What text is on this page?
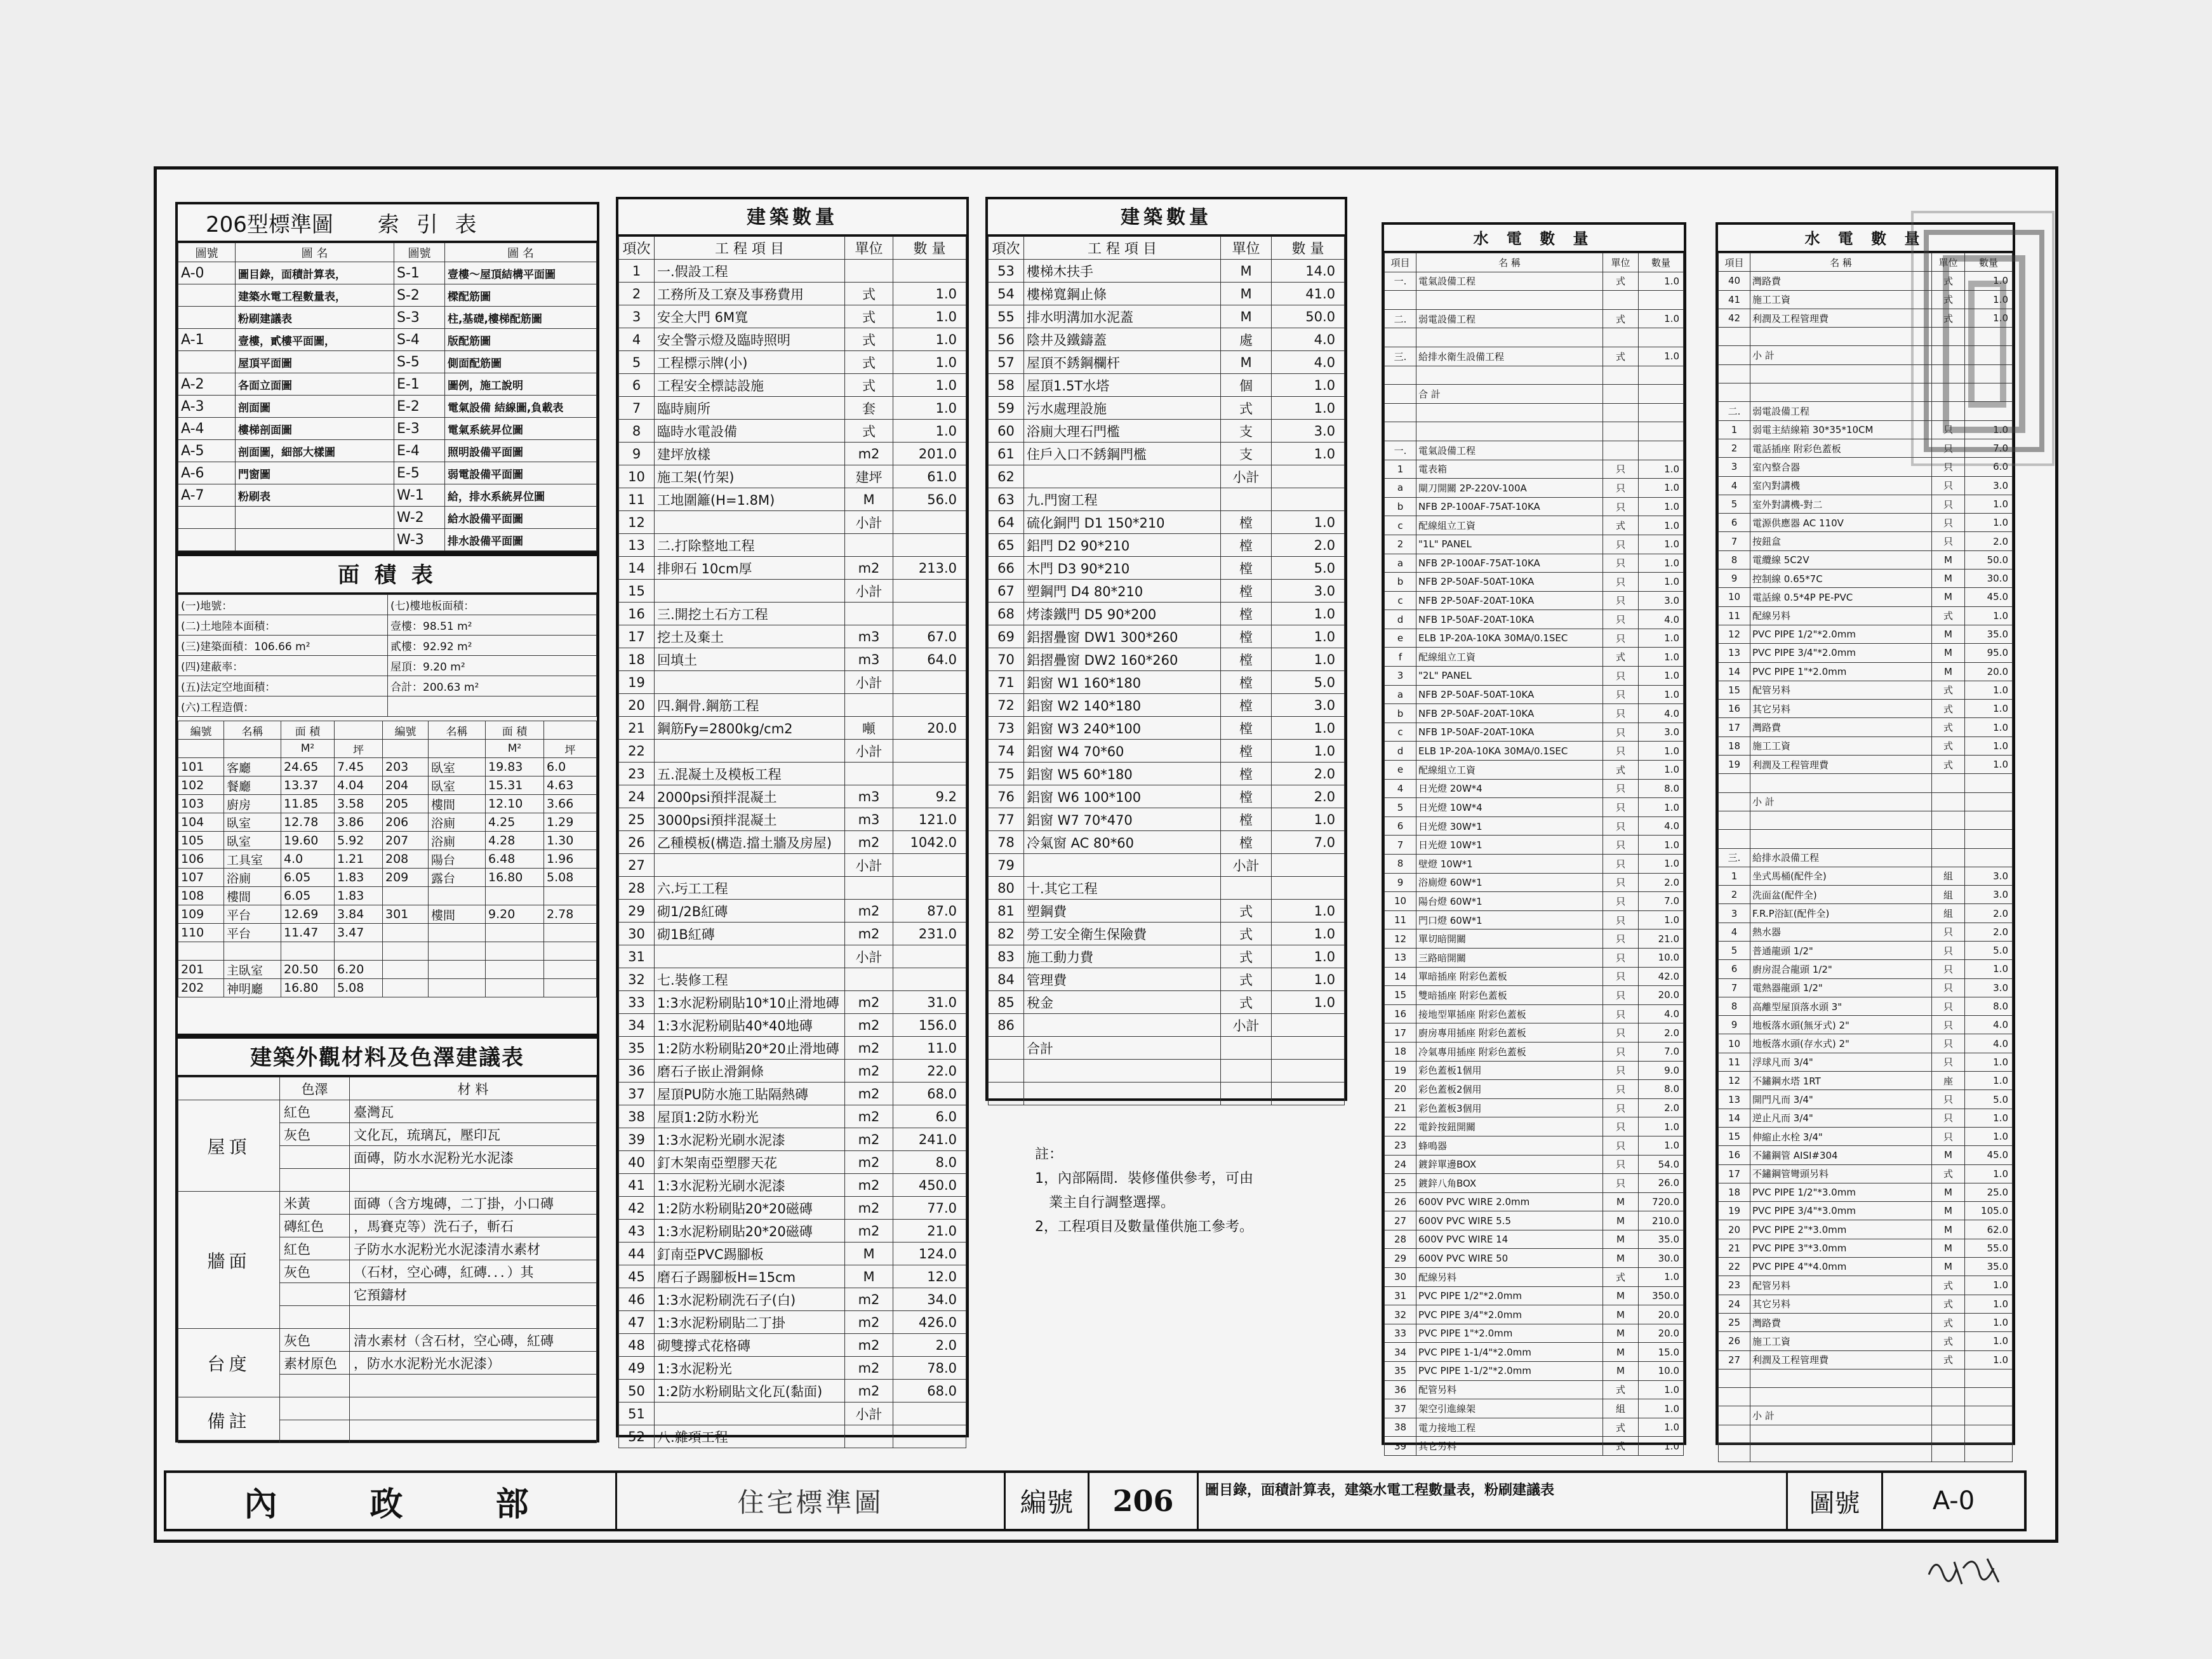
206型標準圖 索 引 表
圖號	圖 名	圖號	圖 名
A-0	圖目錄，面積計算表，	S-1	壹樓～屋頂結構平面圖
	建築水電工程數量表，	S-2	樑配筋圖
	粉刷建議表	S-3	柱,基礎,樓梯配筋圖
A-1	壹樓，貳樓平面圖，	S-4	版配筋圖
	屋頂平面圖	S-5	側面配筋圖
A-2	各面立面圖	E-1	圖例，施工說明
A-3	剖面圖	E-2	電氣設備 結線圖,負載表
A-4	樓梯剖面圖	E-3	電氣系統昇位圖
A-5	剖面圖，細部大樣圖	E-4	照明設備平面圖
A-6	門窗圖	E-5	弱電設備平面圖
A-7	粉刷表	W-1	給，排水系統昇位圖
		W-2	給水設備平面圖
		W-3	排水設備平面圖
面 積 表
(一)地號：	(七)樓地板面積：
(二)土地陸本面積：	壹樓：98.51 m²
(三)建築面積：106.66 m²	貳樓：92.92 m²
(四)建蔽率：	屋頂：9.20 m²
(五)法定空地面積：	合計：200.63 m²
(六)工程造價：	
編號	名稱	面 積		編號	名稱	面 積	
		M²	坪			M²	坪
101	客廳	24.65	7.45	203	臥室	19.83	6.0
102	餐廳	13.37	4.04	204	臥室	15.31	4.63
103	廚房	11.85	3.58	205	樓間	12.10	3.66
104	臥室	12.78	3.86	206	浴廁	4.25	1.29
105	臥室	19.60	5.92	207	浴廁	4.28	1.30
106	工具室	4.0	1.21	208	陽台	6.48	1.96
107	浴廁	6.05	1.83	209	露台	16.80	5.08
108	樓間	6.05	1.83				
109	平台	12.69	3.84	301	樓間	9.20	2.78
110	平台	11.47	3.47				

201	主臥室	20.50	6.20				
202	神明廳	16.80	5.08				
建築外觀材料及色澤建議表
	色澤	材 料
屋頂	紅色	臺灣瓦
	灰色	文化瓦，琉璃瓦，壓印瓦
		面磚，防水水泥粉光水泥漆

牆面	米黃	面磚（含方塊磚，二丁掛，小口磚
	磚紅色	，馬賽克等）洗石子，斬石
	紅色	子防水水泥粉光水泥漆清水素材
	灰色	（石材，空心磚，紅磚．．．）其
		它預鑄材

台度	灰色	清水素材（含石材，空心磚，紅磚
	素材原色	，防水水泥粉光水泥漆）

備註		

建築數量
項次	工 程 項 目	單位	數 量
1	一.假設工程		
2	工務所及工寮及事務費用	式	1.0
3	安全大門 6M寬	式	1.0
4	安全警示燈及臨時照明	式	1.0
5	工程標示牌(小)	式	1.0
6	工程安全標誌設施	式	1.0
7	臨時廁所	套	1.0
8	臨時水電設備	式	1.0
9	建坪放樣	m2	201.0
10	施工架(竹架)	建坪	61.0
11	工地圍籬(H=1.8M)	M	56.0
12		小計	
13	二.打除整地工程		
14	排卵石 10cm厚	m2	213.0
15		小計	
16	三.開挖土石方工程		
17	挖土及棄土	m3	67.0
18	回填土	m3	64.0
19		小計	
20	四.鋼骨.鋼筋工程		
21	鋼筋Fy=2800kg/cm2	噸	20.0
22		小計	
23	五.混凝土及模板工程		
24	2000psi預拌混凝土	m3	9.2
25	3000psi預拌混凝土	m3	121.0
26	乙種模板(構造.擋土牆及房屋)	m2	1042.0
27		小計	
28	六.圬工工程		
29	砌1/2B紅磚	m2	87.0
30	砌1B紅磚	m2	231.0
31		小計	
32	七.裝修工程		
33	1:3水泥粉刷貼10*10止滑地磚	m2	31.0
34	1:3水泥粉刷貼40*40地磚	m2	156.0
35	1:2防水粉刷貼20*20止滑地磚	m2	11.0
36	磨石子嵌止滑銅條	m2	22.0
37	屋頂PU防水施工貼隔熱磚	m2	68.0
38	屋頂1:2防水粉光	m2	6.0
39	1:3水泥粉光刷水泥漆	m2	241.0
40	釘木架南亞塑膠天花	m2	8.0
41	1:3水泥粉光刷水泥漆	m2	450.0
42	1:2防水粉刷貼20*20磁磚	m2	77.0
43	1:3水泥粉刷貼20*20磁磚	m2	21.0
44	釘南亞PVC踢腳板	M	124.0
45	磨石子踢腳板H=15cm	M	12.0
46	1:3水泥粉刷洗石子(白)	m2	34.0
47	1:3水泥粉刷貼二丁掛	m2	426.0
48	砌雙撐式花格磚	m2	2.0
49	1:3水泥粉光	m2	78.0
50	1:2防水粉刷貼文化瓦(黏面)	m2	68.0
51		小計	
52	八.雜項工程		
建築數量
項次	工 程 項 目	單位	數 量
53	樓梯木扶手	M	14.0
54	樓梯寬鋼止條	M	41.0
55	排水明溝加水泥蓋	M	50.0
56	陰井及鐵鑄蓋	處	4.0
57	屋頂不銹鋼欄杆	M	4.0
58	屋頂1.5T水塔	個	1.0
59	污水處理設施	式	1.0
60	浴廁大理石門檻	支	3.0
61	住戶入口不銹鋼門檻	支	1.0
62		小計	
63	九.門窗工程		
64	硫化銅門 D1 150*210	樘	1.0
65	鋁門 D2 90*210	樘	2.0
66	木門 D3 90*210	樘	5.0
67	塑鋼門 D4 80*210	樘	3.0
68	烤漆鐵門 D5 90*200	樘	1.0
69	鋁摺疊窗 DW1 300*260	樘	1.0
70	鋁摺疊窗 DW2 160*260	樘	1.0
71	鋁窗 W1 160*180	樘	5.0
72	鋁窗 W2 140*180	樘	3.0
73	鋁窗 W3 240*100	樘	1.0
74	鋁窗 W4 70*60	樘	1.0
75	鋁窗 W5 60*180	樘	2.0
76	鋁窗 W6 100*100	樘	2.0
77	鋁窗 W7 70*470	樘	1.0
78	冷氣窗 AC 80*60	樘	7.0
79		小計	
80	十.其它工程		
81	塑鋼費	式	1.0
82	勞工安全衛生保險費	式	1.0
83	施工動力費	式	1.0
84	管理費	式	1.0
85	稅金	式	1.0
86		小計	
	合計		

註：
1，內部隔間．裝修僅供參考，可由
　業主自行調整選擇。
2，工程項目及數量僅供施工參考。
水 電 數 量
項目	名 稱	單位	數量
一.	電氣設備工程	式	1.0

二.	弱電設備工程	式	1.0

三.	給排水衛生設備工程	式	1.0

	合 計		

一.	電氣設備工程		
1	電表箱	只	1.0
a	閘刀開關 2P-220V-100A	只	1.0
b	NFB 2P-100AF-75AT-10KA	只	1.0
c	配線組立工資	式	1.0
2	"1L" PANEL	只	1.0
a	NFB 2P-100AF-75AT-10KA	只	1.0
b	NFB 2P-50AF-50AT-10KA	只	1.0
c	NFB 2P-50AF-20AT-10KA	只	3.0
d	NFB 1P-50AF-20AT-10KA	只	4.0
e	ELB 1P-20A-10KA 30MA/0.1SEC	只	1.0
f	配線組立工資	式	1.0
3	"2L" PANEL	只	1.0
a	NFB 2P-50AF-50AT-10KA	只	1.0
b	NFB 2P-50AF-20AT-10KA	只	4.0
c	NFB 1P-50AF-20AT-10KA	只	3.0
d	ELB 1P-20A-10KA 30MA/0.1SEC	只	1.0
e	配線組立工資	式	1.0
4	日光燈 20W*4	只	8.0
5	日光燈 10W*4	只	1.0
6	日光燈 30W*1	只	4.0
7	日光燈 10W*1	只	1.0
8	壁燈 10W*1	只	1.0
9	浴廁燈 60W*1	只	2.0
10	陽台燈 60W*1	只	7.0
11	門口燈 60W*1	只	1.0
12	單切暗開關	只	21.0
13	三路暗開關	只	10.0
14	單暗插座 附彩色蓋板	只	42.0
15	雙暗插座 附彩色蓋板	只	20.0
16	接地型單插座 附彩色蓋板	只	4.0
17	廚房專用插座 附彩色蓋板	只	2.0
18	冷氣專用插座 附彩色蓋板	只	7.0
19	彩色蓋板1個用	只	9.0
20	彩色蓋板2個用	只	8.0
21	彩色蓋板3個用	只	2.0
22	電鈴按鈕開關	只	1.0
23	蜂鳴器	只	1.0
24	鍍鋅單邊BOX	只	54.0
25	鍍鋅八角BOX	只	26.0
26	600V PVC WIRE 2.0mm	M	720.0
27	600V PVC WIRE 5.5	M	210.0
28	600V PVC WIRE 14	M	35.0
29	600V PVC WIRE 50	M	30.0
30	配線另料	式	1.0
31	PVC PIPE 1/2"*2.0mm	M	350.0
32	PVC PIPE 3/4"*2.0mm	M	20.0
33	PVC PIPE 1"*2.0mm	M	20.0
34	PVC PIPE 1-1/4"*2.0mm	M	15.0
35	PVC PIPE 1-1/2"*2.0mm	M	10.0
36	配管另料	式	1.0
37	架空引進線架	組	1.0
38	電力接地工程	式	1.0
39	其它另料	式	1.0
水 電 數 量
項目	名 稱	單位	數量
40	灣路費	式	1.0
41	施工工資	式	1.0
42	利潤及工程管理費	式	1.0

	小 計		

二.	弱電設備工程		
1	弱電主結線箱 30*35*10CM	只	1.0
2	電話插座 附彩色蓋板	只	7.0
3	室內整合器	只	6.0
4	室內對講機	只	3.0
5	室外對講機-對二	只	1.0
6	電源供應器 AC 110V	只	1.0
7	按鈕盒	只	2.0
8	電纜線 5C2V	M	50.0
9	控制線 0.65*7C	M	30.0
10	電話線 0.5*4P PE-PVC	M	45.0
11	配線另料	式	1.0
12	PVC PIPE 1/2"*2.0mm	M	35.0
13	PVC PIPE 3/4"*2.0mm	M	95.0
14	PVC PIPE 1"*2.0mm	M	20.0
15	配管另料	式	1.0
16	其它另料	式	1.0
17	灣路費	式	1.0
18	施工工資	式	1.0
19	利潤及工程管理費	式	1.0

	小 計		

三.	給排水設備工程		
1	坐式馬桶(配件全)	組	3.0
2	洗面盆(配件全)	組	3.0
3	F.R.P浴缸(配件全)	組	2.0
4	熱水器	只	2.0
5	普通龍頭 1/2"	只	5.0
6	廚房混合龍頭 1/2"	只	1.0
7	電熱器龍頭 1/2"	只	3.0
8	高離型屋頂落水頭 3"	只	8.0
9	地板落水頭(無牙式) 2"	只	4.0
10	地板落水頭(存水式) 2"	只	4.0
11	浮球凡而 3/4"	只	1.0
12	不鏽鋼水塔 1RT	座	1.0
13	開門凡而 3/4"	只	5.0
14	逆止凡而 3/4"	只	1.0
15	伸縮止水栓 3/4"	只	1.0
16	不鏽鋼管 AISI#304	M	45.0
17	不鏽鋼管彎頭另料	式	1.0
18	PVC PIPE 1/2"*3.0mm	M	25.0
19	PVC PIPE 3/4"*3.0mm	M	105.0
20	PVC PIPE 2"*3.0mm	M	62.0
21	PVC PIPE 3"*3.0mm	M	55.0
22	PVC PIPE 4"*4.0mm	M	35.0
23	配管另料	式	1.0
24	其它另料	式	1.0
25	灣路費	式	1.0
26	施工工資	式	1.0
27	利潤及工程管理費	式	1.0

	小 計		

內　　政　　部	住宅標準圖	編號 206 圖目錄，面積計算表，建築水電工程數量表，粉刷建議表	圖號	A-0
